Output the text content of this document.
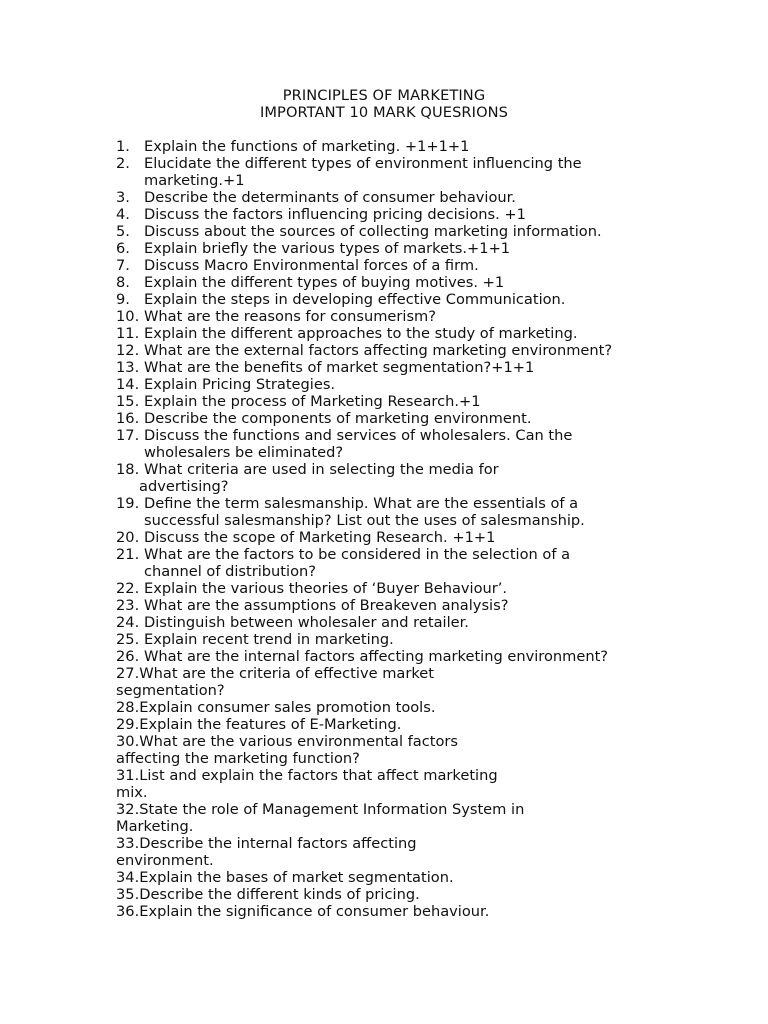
PRINCIPLES OF MARKETING
IMPORTANT 10 MARK QUESRIONS
1. Explain the functions of marketing. +1+1+1
2. Elucidate the different types of environment influencing the marketing.+1
3. Describe the determinants of consumer behaviour.
4. Discuss the factors influencing pricing decisions. +1
5. Discuss about the sources of collecting marketing information.
6. Explain briefly the various types of markets.+1+1
7. Discuss Macro Environmental forces of a firm.
8. Explain the different types of buying motives. +1
9. Explain the steps in developing effective Communication.
10. What are the reasons for consumerism?
11. Explain the different approaches to the study of marketing.
12. What are the external factors affecting marketing environment?
13. What are the benefits of market segmentation?+1+1
14. Explain Pricing Strategies.
15. Explain the process of Marketing Research.+1
16. Describe the components of marketing environment.
17. Discuss the functions and services of wholesalers. Can the wholesalers be eliminated?
18. What criteria are used in selecting the media for
advertising?
19. Define the term salesmanship. What are the essentials of a successful salesmanship? List out the uses of salesmanship.
20. Discuss the scope of Marketing Research. +1+1
21. What are the factors to be considered in the selection of a channel of distribution?
22. Explain the various theories of ‘Buyer Behaviour’.
23. What are the assumptions of Breakeven analysis?
24. Distinguish between wholesaler and retailer.
25. Explain recent trend in marketing.
26. What are the internal factors affecting marketing environment?
27.What are the criteria of effective market segmentation?
28.Explain consumer sales promotion tools.
29.Explain the features of E-Marketing.
30.What are the various environmental factors affecting the marketing function?
31.List and explain the factors that affect marketing mix.
32.State the role of Management Information System in Marketing.
33.Describe the internal factors affecting environment.
34.Explain the bases of market segmentation.
35.Describe the different kinds of pricing.
36.Explain the significance of consumer behaviour.
